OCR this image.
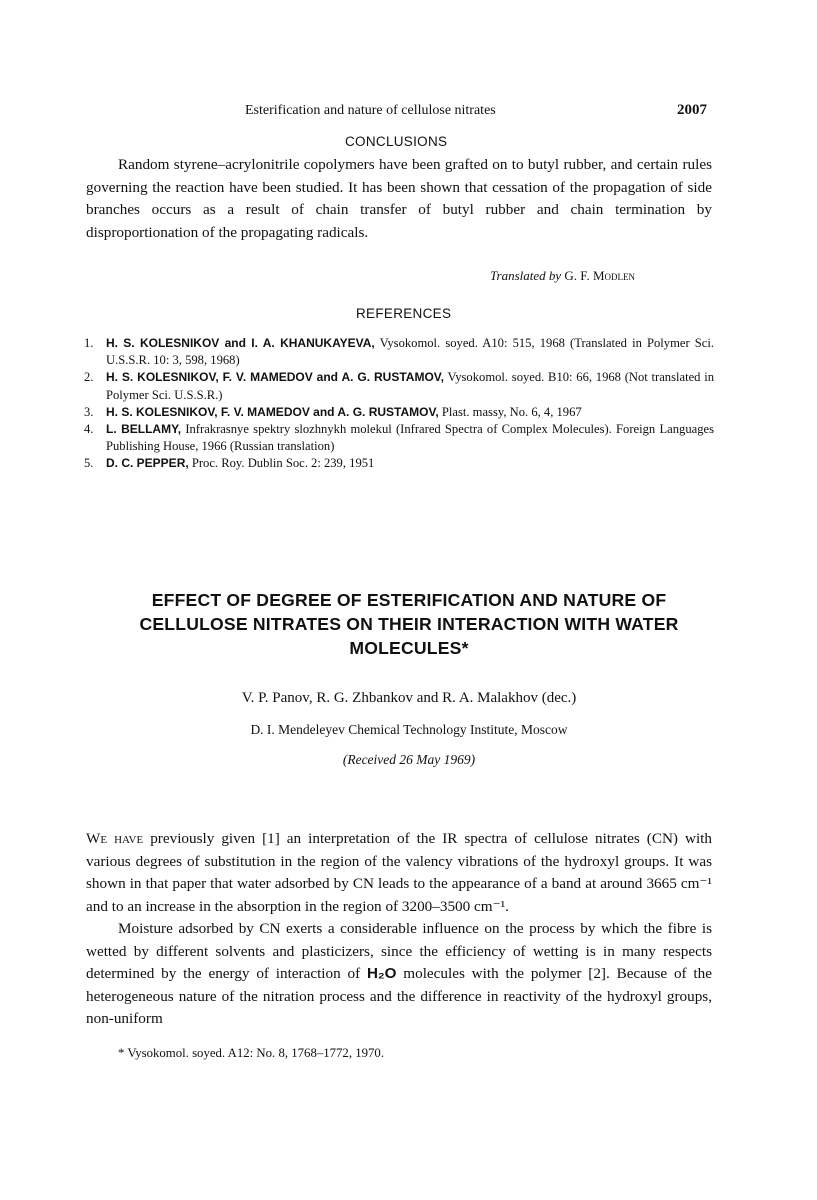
Esterification and nature of cellulose nitrates	2007
CONCLUSIONS
Random styrene–acrylonitrile copolymers have been grafted on to butyl rubber, and certain rules governing the reaction have been studied. It has been shown that cessation of the propagation of side branches occurs as a result of chain transfer of butyl rubber and chain termination by disproportionation of the propagating radicals.
Translated by G. F. Modlen
REFERENCES

1. H. S. KOLESNIKOV and I. A. KHANUKAYEVA, Vysokomol. soyed. A10: 515, 1968 (Translated in Polymer Sci. U.S.S.R. 10: 3, 598, 1968)

2. H. S. KOLESNIKOV, F. V. MAMEDOV and A. G. RUSTAMOV, Vysokomol. soyed. B10: 66, 1968 (Not translated in Polymer Sci. U.S.S.R.)

3. H. S. KOLESNIKOV, F. V. MAMEDOV and A. G. RUSTAMOV, Plast. massy, No. 6, 4, 1967

4. L. BELLAMY, Infrakrasnye spektry slozhnykh molekul (Infrared Spectra of Complex Molecules). Foreign Languages Publishing House, 1966 (Russian translation)

5. D. C. PEPPER, Proc. Roy. Dublin Soc. 2: 239, 1951

EFFECT OF DEGREE OF ESTERIFICATION AND NATURE OF CELLULOSE NITRATES ON THEIR INTERACTION WITH WATER MOLECULES*
V. P. Panov, R. G. Zhbankov and R. A. Malakhov (dec.)
D. I. Mendeleyev Chemical Technology Institute, Moscow
(Received 26 May 1969)

We have previously given [1] an interpretation of the IR spectra of cellulose nitrates (CN) with various degrees of substitution in the region of the valency vibrations of the hydroxyl groups. It was shown in that paper that water adsorbed by CN leads to the appearance of a band at around 3665 cm⁻¹ and to an increase in the absorption in the region of 3200–3500 cm⁻¹.

Moisture adsorbed by CN exerts a considerable influence on the process by which the fibre is wetted by different solvents and plasticizers, since the efficiency of wetting is in many respects determined by the energy of interaction of H₂O molecules with the polymer [2]. Because of the heterogeneous nature of the nitration process and the difference in reactivity of the hydroxyl groups, non-uniform

* Vysokomol. soyed. A12: No. 8, 1768–1772, 1970.
